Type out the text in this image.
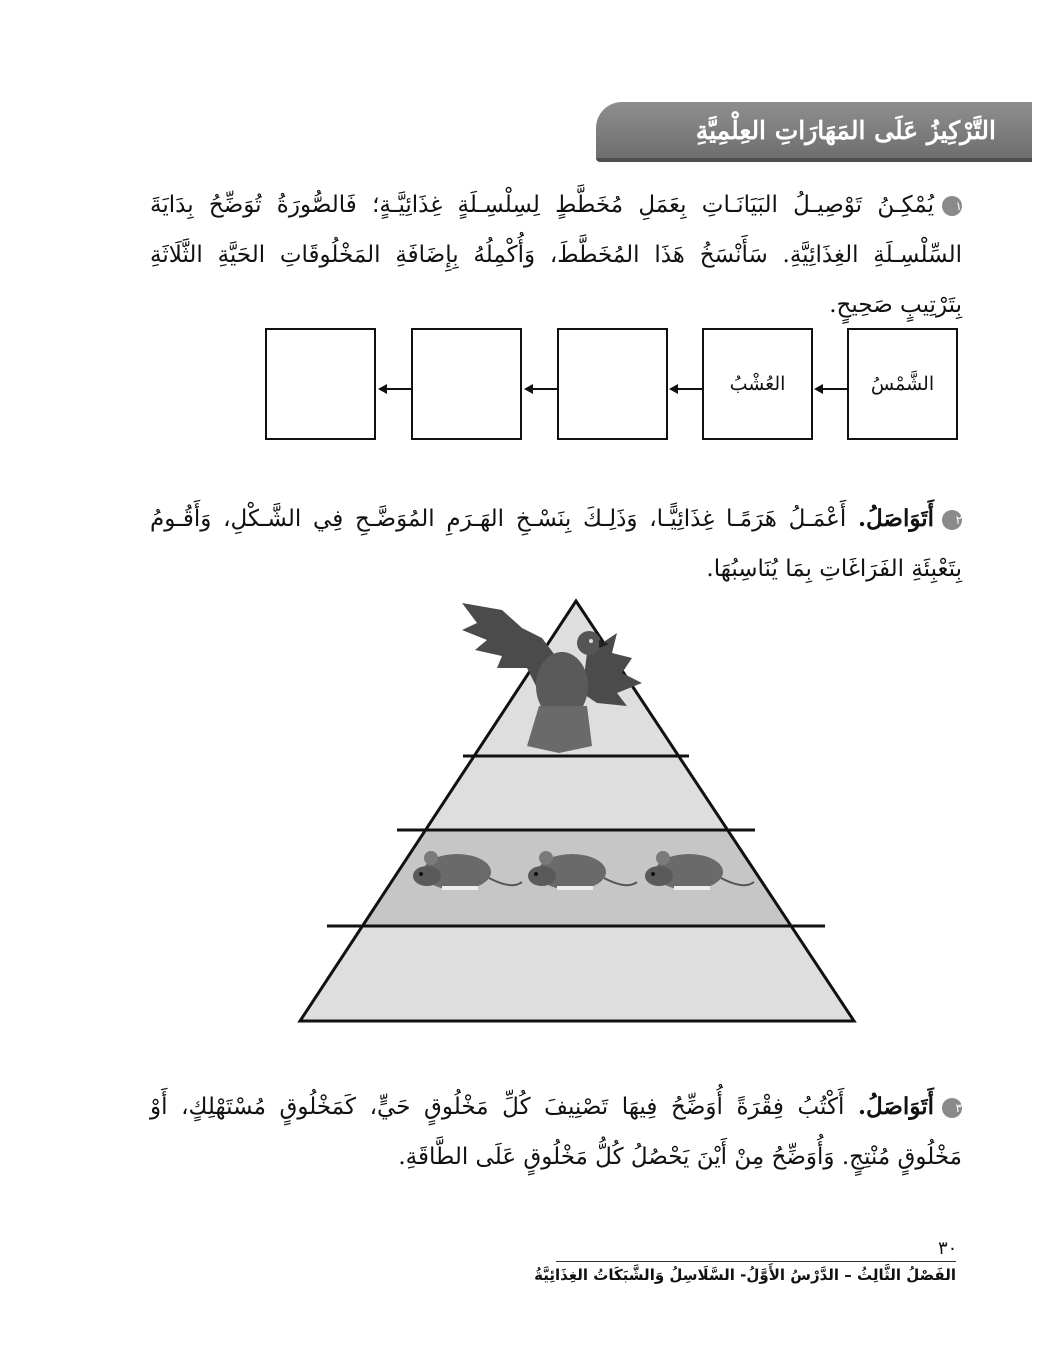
التَّرْكِيزُ عَلَى المَهَارَاتِ العِلْمِيَّةِ
١يُمْكِـنُ تَوْصِيـلُ البَيَانَـاتِ بِعَمَلِ مُخَطَّطٍ لِسِلْسِـلَةٍ غِذَائِيَّـةٍ؛ فَالصُّورَةُ تُوَضِّحُ بِدَايَةَ السِّلْسِـلَةِ الغِذَائِيَّةِ. سَأَنْسَخُ هَذَا المُخَطَّطَ، وَأُكْمِلُهُ بِإِضَافَةِ المَخْلُوقَاتِ الحَيَّةِ الثَّلَاثَةِ بِتَرْتِيبٍ صَحِيحٍ.
الشَّمْسُ
العُشْبُ
٢أَتَوَاصَلُ. أَعْمَـلُ هَرَمًـا غِذَائِيًّـا، وَذَلِـكَ بِنَسْـخِ الهَـرَمِ المُوَضَّـحِ فِي الشَّـكْلِ، وَأَقُـومُ بِتَعْبِئَةِ الفَرَاغَاتِ بِمَا يُنَاسِبُهَا.
٣أَتَوَاصَلُ. أَكْتُبُ فِقْرَةً أُوَضِّحُ فِيهَا تَصْنِيفَ كُلِّ مَخْلُوقٍ حَيٍّ، كَمَخْلُوقٍ مُسْتَهْلِكٍ، أَوْ مَخْلُوقٍ مُنْتِجٍ. وَأُوَضِّحُ مِنْ أَيْنَ يَحْصُلُ كُلُّ مَخْلُوقٍ عَلَى الطَّاقَةِ.
٣٠
الفَصْلُ الثَّالِثُ – الدَّرْسُ الأَوَّلُ- السَّلَاسِلُ وَالشَّبَكَاتُ الغِذَائِيَّةُ
